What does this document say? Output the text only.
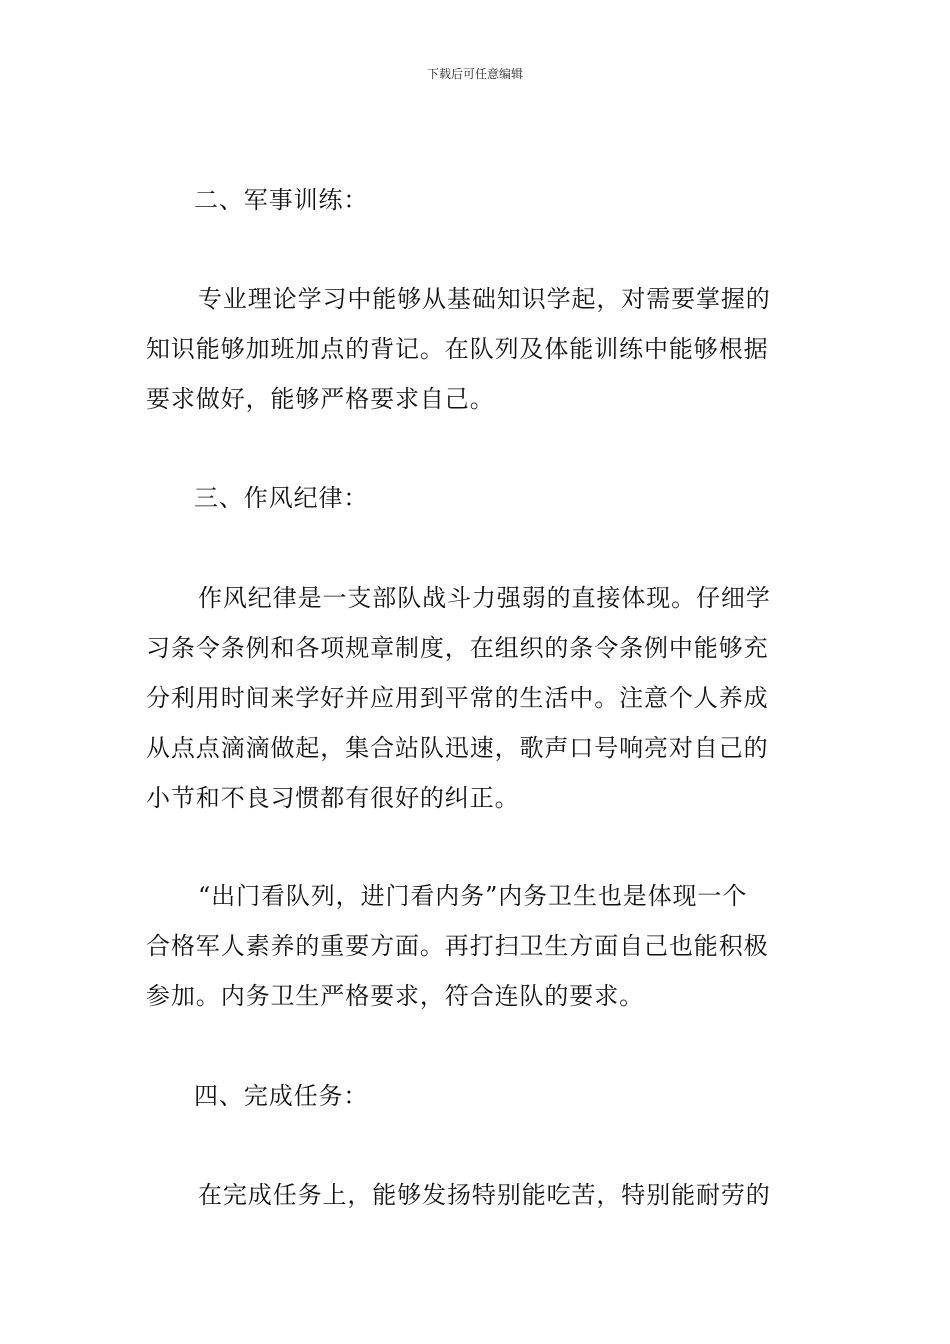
下载后可任意编辑
二、军事训练：
专业理论学习中能够从基础知识学起，对需要掌握的
知识能够加班加点的背记。在队列及体能训练中能够根据
要求做好，能够严格要求自己。
三、作风纪律：
作风纪律是一支部队战斗力强弱的直接体现。仔细学
习条令条例和各项规章制度，在组织的条令条例中能够充
分利用时间来学好并应用到平常的生活中。注意个人养成
从点点滴滴做起，集合站队迅速，歌声口号响亮对自己的
小节和不良习惯都有很好的纠正。
“出门看队列，进门看内务”内务卫生也是体现一个
合格军人素养的重要方面。再打扫卫生方面自己也能积极
参加。内务卫生严格要求，符合连队的要求。
四、完成任务：
在完成任务上，能够发扬特别能吃苦，特别能耐劳的
